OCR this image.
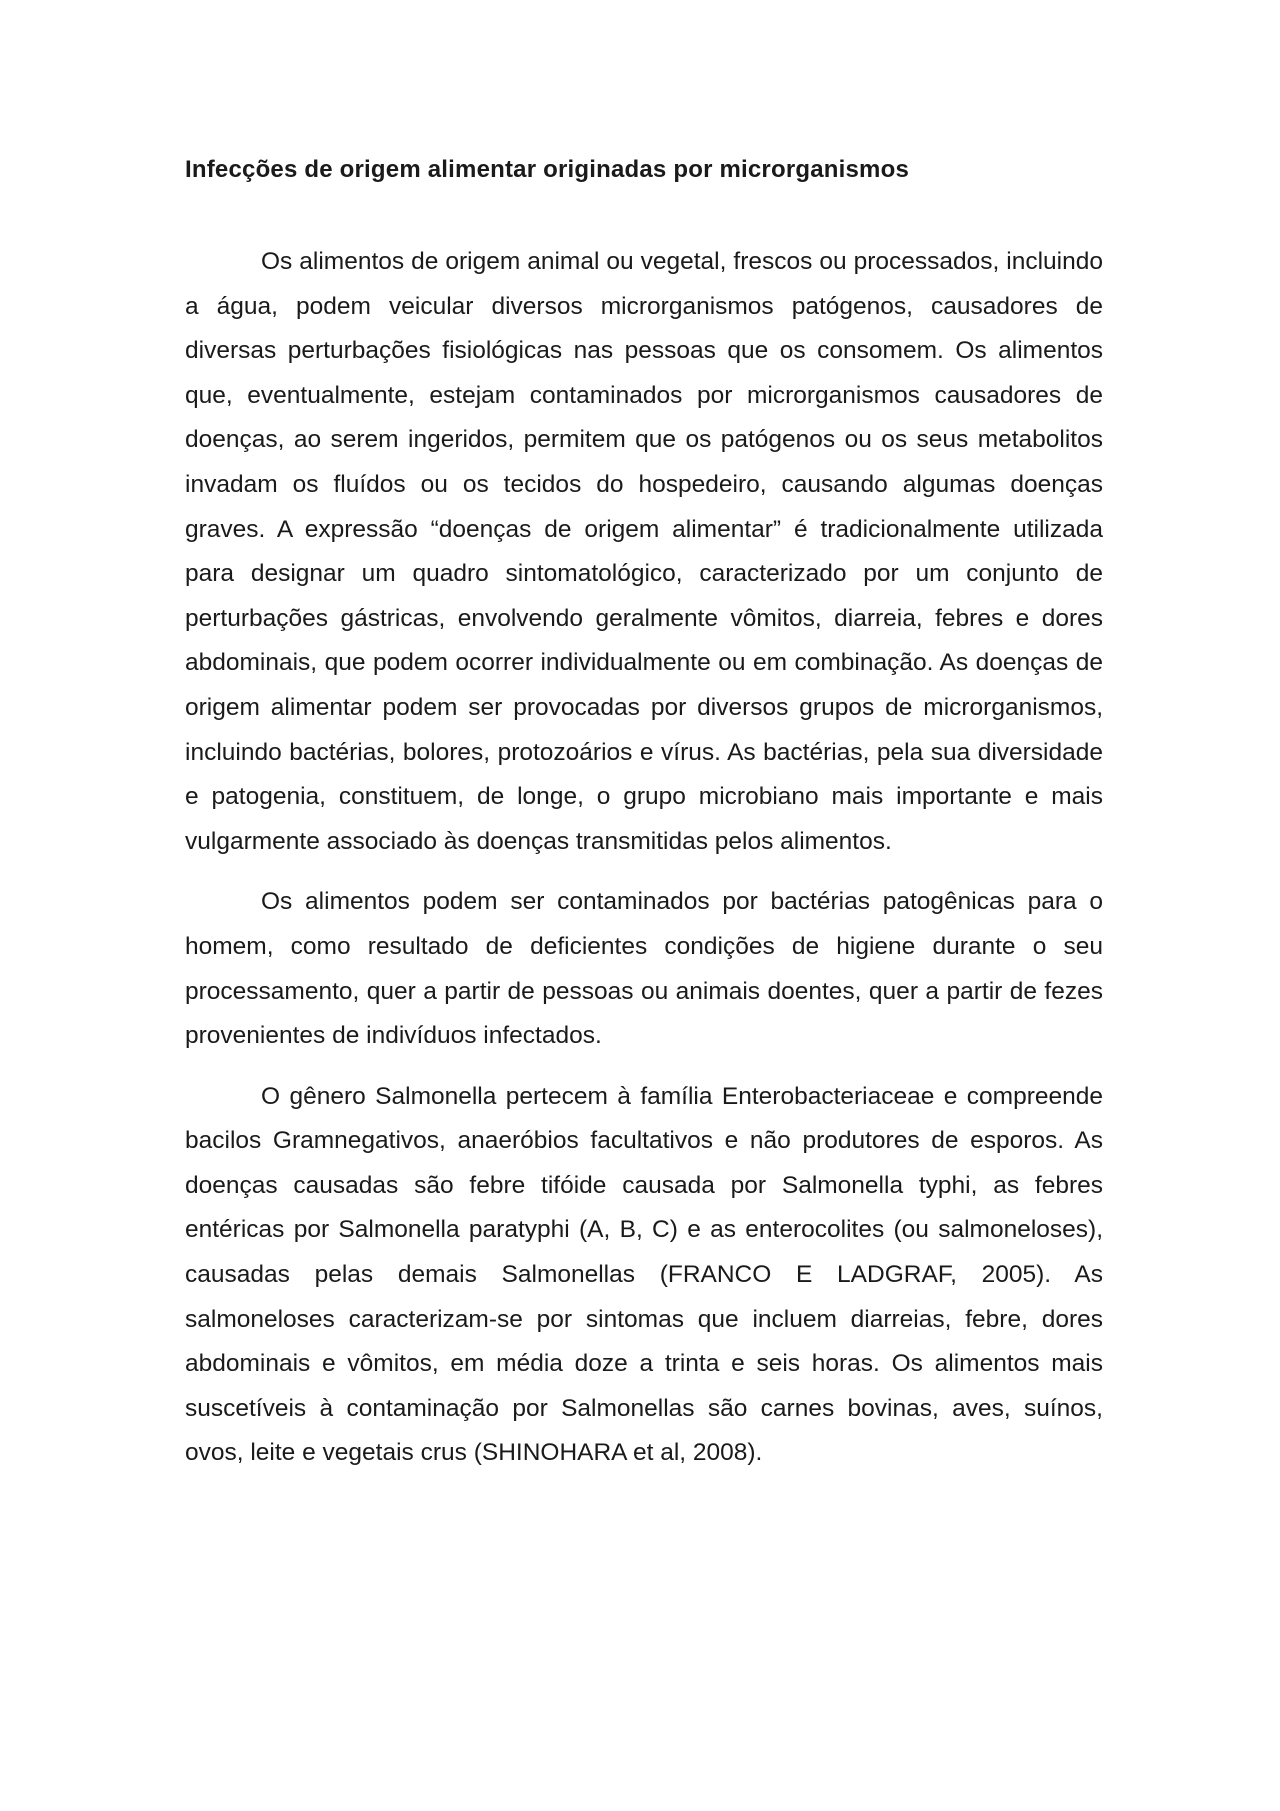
Infecções de origem alimentar originadas por microrganismos

Os alimentos de origem animal ou vegetal, frescos ou processados, incluindo a água, podem veicular diversos microrganismos patógenos, causadores de diversas perturbações fisiológicas nas pessoas que os consomem. Os alimentos que, eventualmente, estejam contaminados por microrganismos causadores de doenças, ao serem ingeridos, permitem que os patógenos ou os seus metabolitos invadam os fluídos ou os tecidos do hospedeiro, causando algumas doenças graves. A expressão “doenças de origem alimentar” é tradicionalmente utilizada para designar um quadro sintomatológico, caracterizado por um conjunto de perturbações gástricas, envolvendo geralmente vômitos, diarreia, febres e dores abdominais, que podem ocorrer individualmente ou em combinação. As doenças de origem alimentar podem ser provocadas por diversos grupos de microrganismos, incluindo bactérias, bolores, protozoários e vírus. As bactérias, pela sua diversidade e patogenia, constituem, de longe, o grupo microbiano mais importante e mais vulgarmente associado às doenças transmitidas pelos alimentos.

Os alimentos podem ser contaminados por bactérias patogênicas para o homem, como resultado de deficientes condições de higiene durante o seu processamento, quer a partir de pessoas ou animais doentes, quer a partir de fezes provenientes de indivíduos infectados.

O gênero Salmonella pertecem à família Enterobacteriaceae e compreende bacilos Gramnegativos, anaeróbios facultativos e não produtores de esporos. As doenças causadas são febre tifóide causada por Salmonella typhi, as febres entéricas por Salmonella paratyphi (A, B, C) e as enterocolites (ou salmoneloses), causadas pelas demais Salmonellas (FRANCO E LADGRAF, 2005). As salmoneloses caracterizam-se por sintomas que incluem diarreias, febre, dores abdominais e vômitos, em média doze a trinta e seis horas. Os alimentos mais suscetíveis à contaminação por Salmonellas são carnes bovinas, aves, suínos, ovos, leite e vegetais crus (SHINOHARA et al, 2008).
